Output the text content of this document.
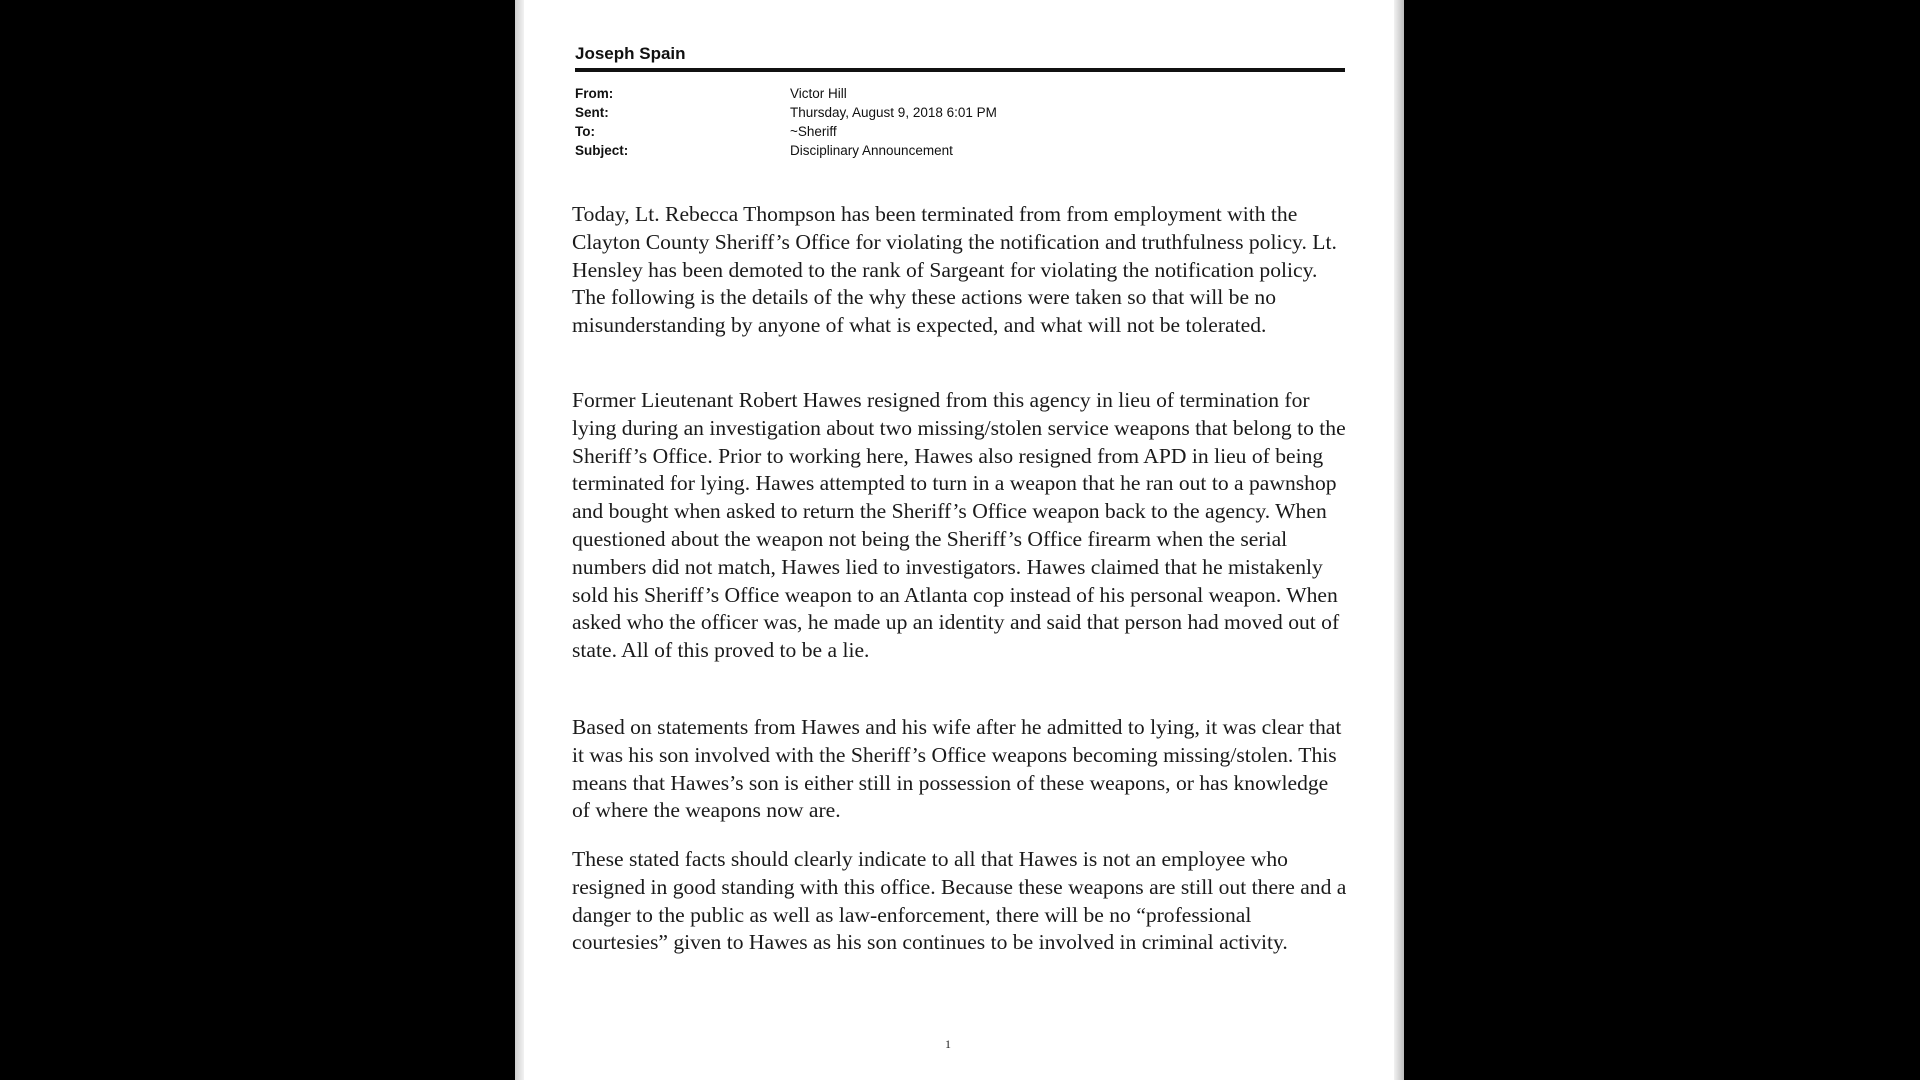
Joseph Spain
From:	Victor Hill
Sent:	Thursday, August 9, 2018 6:01 PM
To:	~Sheriff
Subject:	Disciplinary Announcement

Today, Lt. Rebecca Thompson has been terminated from from employment with the Clayton County Sheriff’s Office for violating the notification and truthfulness policy. Lt. Hensley has been demoted to the rank of Sargeant for violating the notification policy. The following is the details of the why these actions were taken so that will be no misunderstanding by anyone of what is expected, and what will not be tolerated.

Former Lieutenant Robert Hawes resigned from this agency in lieu of termination for lying during an investigation about two missing/stolen service weapons that belong to the Sheriff’s Office. Prior to working here, Hawes also resigned from APD in lieu of being terminated for lying. Hawes attempted to turn in a weapon that he ran out to a pawnshop and bought when asked to return the Sheriff’s Office weapon back to the agency. When questioned about the weapon not being the Sheriff’s Office firearm when the serial numbers did not match, Hawes lied to investigators. Hawes claimed that he mistakenly sold his Sheriff’s Office weapon to an Atlanta cop instead of his personal weapon. When asked who the officer was, he made up an identity and said that person had moved out of state. All of this proved to be a lie.

Based on statements from Hawes and his wife after he admitted to lying, it was clear that it was his son involved with the Sheriff’s Office weapons becoming missing/stolen. This means that Hawes’s son is either still in possession of these weapons, or has knowledge of where the weapons now are.

These stated facts should clearly indicate to all that Hawes is not an employee who resigned in good standing with this office. Because these weapons are still out there and a danger to the public as well as law-enforcement, there will be no “professional courtesies” given to Hawes as his son continues to be involved in criminal activity.

1
